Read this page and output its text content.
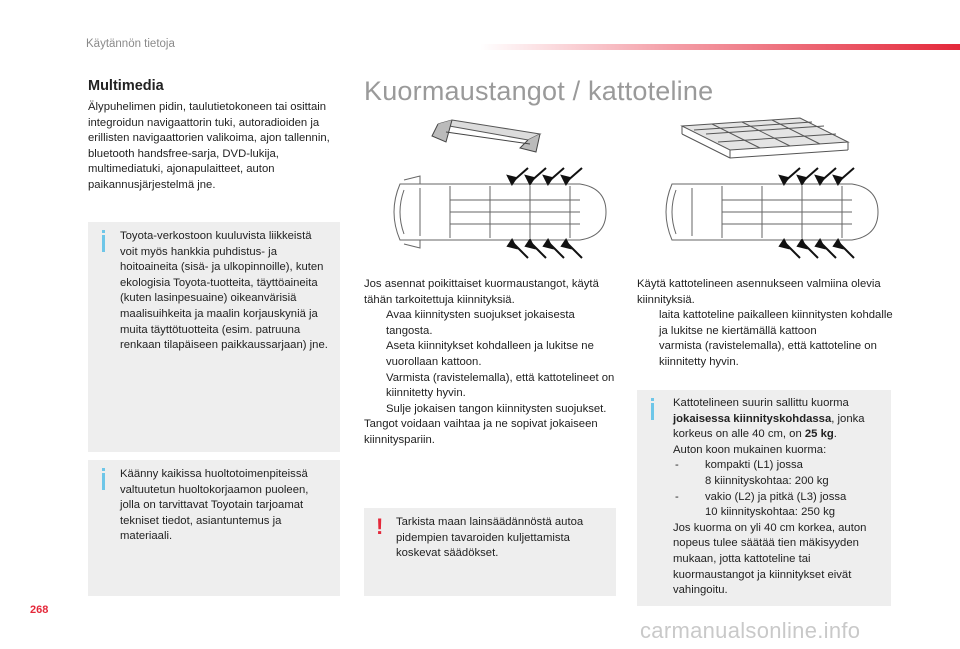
Käytännön tietoja
Multimedia
Älypuhelimen pidin, taulutietokoneen tai osittain integroidun navigaattorin tuki, autoradioiden ja erillisten navigaattorien valikoima, ajon tallennin, bluetooth handsfree-sarja, DVD-lukija, multimediatuki, ajonapulaitteet, auton paikannusjärjestelmä jne.
Toyota-verkostoon kuuluvista liikkeistä voit myös hankkia puhdistus- ja hoitoaineita (sisä- ja ulkopinnoille), kuten ekologisia Toyota-tuotteita, täyttöaineita (kuten lasinpesuaine) oikeanvärisiä maalisuihkeita ja maalin korjauskyniä ja muita täyttötuotteita (esim. patruuna renkaan tilapäiseen paikkaussarjaan) jne.
Käänny kaikissa huoltotoimenpiteissä valtuutetun huoltokorjaamon puoleen, jolla on tarvittavat Toyotain tarjoamat tekniset tiedot, asiantuntemus ja materiaali.
Kuormaustangot / kattoteline
Jos asennat poikittaiset kuormaustangot, käytä tähän tarkoitettuja kiinnityksiä.
Avaa kiinnitysten suojukset jokaisesta tangosta.
Aseta kiinnitykset kohdalleen ja lukitse ne vuorollaan kattoon.
Varmista (ravistelemalla), että kattotelineet on kiinnitetty hyvin.
Sulje jokaisen tangon kiinnitysten suojukset.
Tangot voidaan vaihtaa ja ne sopivat jokaiseen kiinnityspariin.
! Tarkista maan lainsäädännöstä autoa pidempien tavaroiden kuljettamista koskevat säädökset.
Käytä kattotelineen asennukseen valmiina olevia kiinnityksiä.
laita kattoteline paikalleen kiinnitysten kohdalle ja lukitse ne kiertämällä kattoon
varmista (ravistelemalla), että kattoteline on kiinnitetty hyvin.
Kattotelineen suurin sallittu kuorma jokaisessa kiinnityskohdassa, jonka korkeus on alle 40 cm, on 25 kg.
Auton koon mukainen kuorma:
- kompakti (L1) jossa
8 kiinnityskohtaa: 200 kg
- vakio (L2) ja pitkä (L3) jossa
10 kiinnityskohtaa: 250 kg
Jos kuorma on yli 40 cm korkea, auton nopeus tulee säätää tien mäkisyyden mukaan, jotta kattoteline tai kuormaustangot ja kiinnitykset eivät vahingoitu.
268
carmanualsonline.info
